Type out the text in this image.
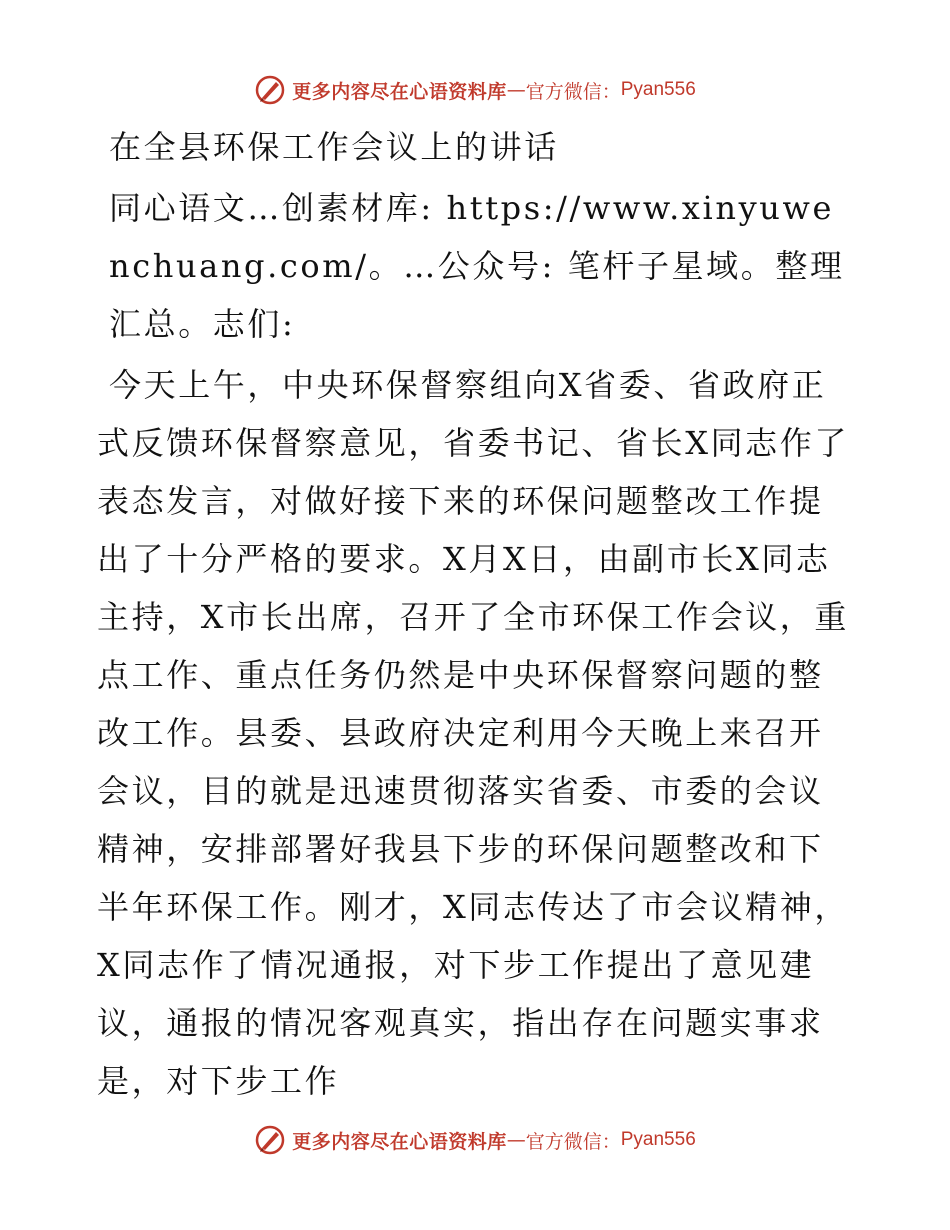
更多内容尽在心语资料库 — 官方微信： Pyan556

在全县环保工作会议上的讲话

同心语文…创素材库: https://www.xinyuwenchuang.com/。…公众号: 笔杆子星域。整理汇总。志们:

今天上午，中央环保督察组向X省委、省政府正式反馈环保督察意见，省委书记、省长X同志作了表态发言，对做好接下来的环保问题整改工作提出了十分严格的要求。X月X日，由副市长X同志主持，X市长出席，召开了全市环保工作会议，重点工作、重点任务仍然是中央环保督察问题的整改工作。县委、县政府决定利用今天晚上来召开会议，目的就是迅速贯彻落实省委、市委的会议精神，安排部署好我县下步的环保问题整改和下半年环保工作。刚才，X同志传达了市会议精神，X同志作了情况通报，对下步工作提出了意见建议，通报的情况客观真实，指出存在问题实事求是，对下步工作

更多内容尽在心语资料库 — 官方微信： Pyan556
